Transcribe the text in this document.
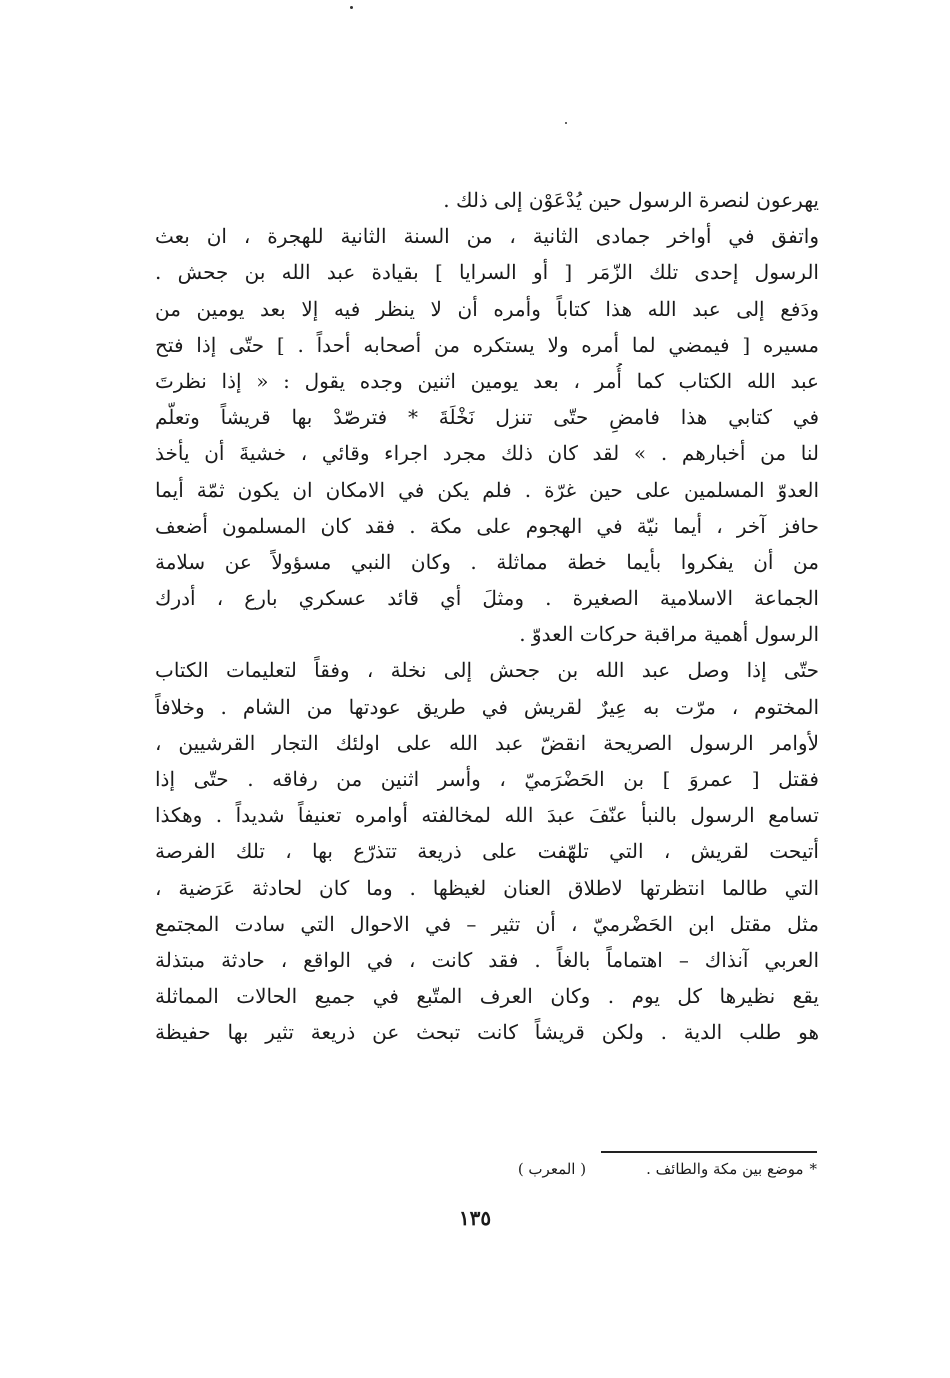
يهرعون لنصرة الرسول حين يُدْعَوْن إلى ذلك .
واتفق في أواخر جمادى الثانية ، من السنة الثانية للهجرة ، ان بعث
الرسول إحدى تلك الزّمَر [ أو السرايا ] بقيادة عبد الله بن جحش .
ودَفع إلى عبد الله هذا كتاباً وأمره أن لا ينظر فيه إلا بعد يومين من
مسيره [ فيمضي لما أمره ولا يستكره من أصحابه أحداً . ] حتّى إذا فتح
عبد الله الكتاب كما أُمر ، بعد يومين اثنين وجده يقول : « إذا نظرتَ
في كتابي هذا فامضِ حتّى تنزل نَخْلَةَ * فترصّدْ بها قريشاً وتعلّم
لنا من أخبارهم . » لقد كان ذلك مجرد اجراء وقائي ، خشيةَ أن يأخذ
العدوّ المسلمين على حين غرّة . فلم يكن في الامكان ان يكون ثمّة أيما
حافز آخر ، أيما نيّة في الهجوم على مكة . فقد كان المسلمون أضعف
من أن يفكروا بأيما خطة مماثلة . وكان النبي مسؤولاً عن سلامة
الجماعة الاسلامية الصغيرة . ومثلَ أي قائد عسكري بارع ، أدرك
الرسول أهمية مراقبة حركات العدوّ .
حتّى إذا وصل عبد الله بن جحش إلى نخلة ، وفقاً لتعليمات الكتاب
المختوم ، مرّت به عِيرٌ لقريش في طريق عودتها من الشام . وخلافاً
لأوامر الرسول الصريحة انقضّ عبد الله على اولئك التجار القرشيين ،
فقتل [ عمروَ ] بن الحَضْرَميّ ، وأسر اثنين من رفاقه . حتّى إذا
تسامع الرسول بالنبأ عنّفَ عبدَ الله لمخالفته أوامره تعنيفاً شديداً . وهكذا
أتيحت لقريش ، التي تلهّفت على ذريعة تتذرّع بها ، تلك الفرصة
التي طالما انتظرتها لاطلاق العنان لغيظها . وما كان لحادثة عَرَضية ،
مثل مقتل ابن الحَضْرميّ ، أن تثير – في الاحوال التي سادت المجتمع
العربي آنذاك – اهتماماً بالغاً . فقد كانت ، في الواقع ، حادثة مبتذلة
يقع نظيرها كل يوم . وكان العرف المتّبع في جميع الحالات المماثلة
هو طلب الدية . ولكن قريشاً كانت تبحث عن ذريعة تثير بها حفيظة
*موضع بين مكة والطائف .( المعرب )
١٣٥
